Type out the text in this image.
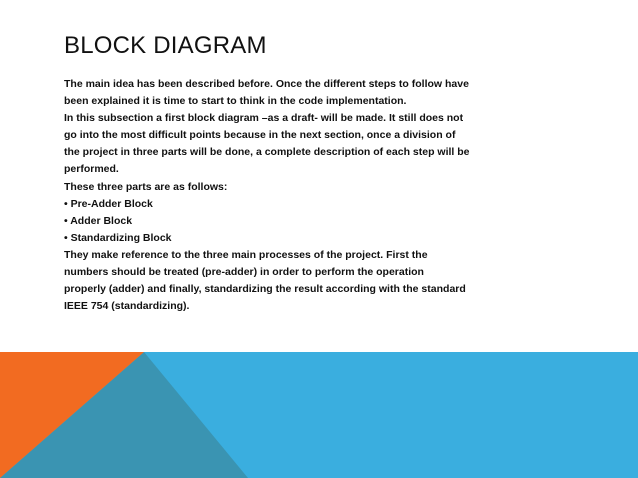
BLOCK DIAGRAM
The main idea has been described before. Once the different steps to follow have
been explained it is time to start to think in the code implementation.
In this subsection a first block diagram –as a draft- will be made. It still does not
go into the most difficult points because in the next section, once a division of
the project in three parts will be done, a complete description of each step will be
performed.
These three parts are as follows:
• Pre-Adder Block
• Adder Block
• Standardizing Block
They make reference to the three main processes of the project. First the
numbers should be treated (pre-adder) in order to perform the operation
properly (adder) and finally, standardizing the result according with the standard
IEEE 754 (standardizing).
